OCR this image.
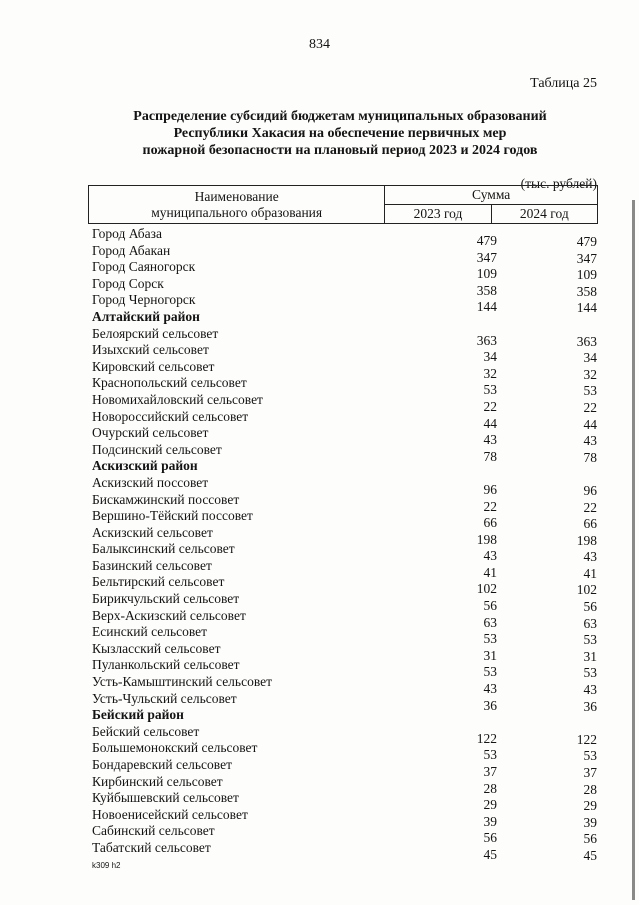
834
Таблица 25
Распределение субсидий бюджетам муниципальных образований
Республики Хакасия на обеспечение первичных мер
пожарной безопасности на плановый период 2023 и 2024 годов
(тыс. рублей)
Наименование
муниципального образования	Сумма	
	2023 год	2024 год
Город Абаза	479	479
Город Абакан	347	347
Город Саяногорск	109	109
Город Сорск	358	358
Город Черногорск	144	144
Алтайский район
Белоярский сельсовет	363	363
Изыхский сельсовет	34	34
Кировский сельсовет	32	32
Краснопольский сельсовет	53	53
Новомихайловский сельсовет	22	22
Новороссийский сельсовет	44	44
Очурский сельсовет	43	43
Подсинский сельсовет	78	78
Аскизский район
Аскизский поссовет	96	96
Бискамжинский поссовет	22	22
Вершино-Тёйский поссовет	66	66
Аскизский сельсовет	198	198
Балыксинский сельсовет	43	43
Базинский сельсовет	41	41
Бельтирский сельсовет	102	102
Бирикчульский сельсовет	56	56
Верх-Аскизский сельсовет	63	63
Есинский сельсовет	53	53
Кызласский сельсовет	31	31
Пуланкольский сельсовет	53	53
Усть-Камыштинский сельсовет	43	43
Усть-Чульский сельсовет	36	36
Бейский район
Бейский сельсовет	122	122
Большемонокский сельсовет	53	53
Бондаревский сельсовет	37	37
Кирбинский сельсовет	28	28
Куйбышевский сельсовет	29	29
Новоенисейский сельсовет	39	39
Сабинский сельсовет	56	56
Табатский сельсовет	45	45
k309 h2
